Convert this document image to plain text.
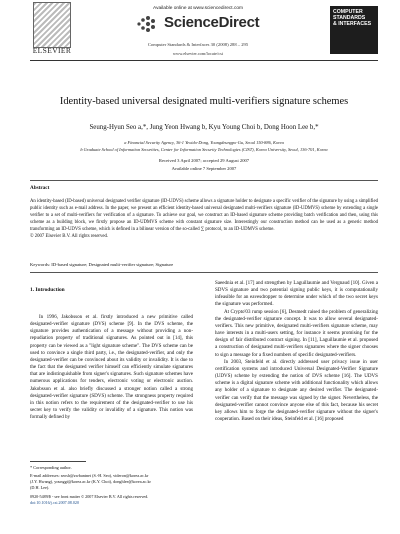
ELSEVIER
Available online at www.sciencedirect.com
ScienceDirect
Computer Standards & Interfaces 30 (2008) 288 – 295
www.elsevier.com/locate/csi
COMPUTER
STANDARDS
& INTERFACES
Identity-based universal designated multi-verifiers signature schemes
Seung-Hyun Seo a,*, Jung Yeon Hwang b, Kyu Young Choi b, Dong Hoon Lee b,*
a Financial Security Agency, 36-1 Yeoido-Dong, Youngdeungpo-Gu, Seoul 150-886, Korea
b Graduate School of Information Securities, Center for Information Security Technologies (CIST), Korea University, Seoul, 136-701, Korea
Received 3 April 2007; accepted 29 August 2007
Available online 7 September 2007
Abstract
An identity-based (ID-based) universal designated verifier signature (ID-UDVS) scheme allows a signature holder to designate a specific verifier of the signature by using a simplified public identity such as e-mail address. In the paper, we present an efficient identity-based universal designated multi-verifiers signature (ID-UDMVS) scheme by extending a single verifier to a set of multi-verifiers for verification of a signature. To achieve our goal, we construct an ID-based signature scheme providing batch verification and then, using this scheme as a building block, we firstly propose an ID-UDMVS scheme with constant signature size. Interestingly our construction method can be used as a generic method transforming an ID-UDVS scheme, which is defined in a bilinear version of the so-called ∑ protocol, to an ID-UDMVS scheme.
© 2007 Elsevier B.V. All rights reserved.
Keywords: ID-based signature; Designated multi-verifier signature; Signature
1. Introduction

In 1996, Jakobsson et al. firstly introduced a new primitive called designated-verifier signature (DVS) scheme [9]. In the DVS scheme, the signature provides authentication of a message without providing a non-repudiation property of traditional signatures. As pointed out in [14], this property can be viewed as a "light signature scheme". The DVS scheme can be used to convince a single third party, i.e., the designated-verifier, and only the designated-verifier can be convinced about its validity or invalidity. It is due to the fact that the designated verifier himself can efficiently simulate signatures that are indistinguishable from signer's signatures. Such signature schemes have numerous applications for tenders, electronic voting or electronic auction. Jakobsson et al. also briefly discussed a stronger notion called a strong designated-verifier signature (SDVS) scheme. The strongness property required in this notion refers to the requirement of the designated-verifier to use his secret key to verify the validity or invalidity of a signature. This notion was formally defined by

Saeednia et al. [17] and strengthen by Laguillaumie and Vergnaud [10]. Given a SDVS signature and two potential signing public keys, it is computationally infeasible for an eavesdropper to determine under which of the two secret keys the signature was performed.

At Crypto'03 rump session [6], Desmedt raised the problem of generalizing the designated-verifier signature concept. It was to allow several designated-verifiers. This new primitive, designated multi-verifiers signature scheme, may have interests in a multi-users setting, for instance it seems promising for the design of fair distributed contract signing. In [11], Laguillaumie et al. proposed a construction of designated multi-verifiers signatures where the signer chooses to sign a message for a fixed numbers of specific designated-verifiers.

In 2003, Steinfeld et al. directly addressed user privacy issue in user certification systems and introduced Universal Designated-Verifier Signature (UDVS) scheme by extending the notion of DVS scheme [16]. The UDVS scheme is a digital signature scheme with additional functionality which allows any holder of a signature to designate any desired verifier. The designated-verifier can verify that the message was signed by the signer. Nevertheless, the designated-verifier cannot convince anyone else of this fact, because his secret key allows him to forge the designated-verifier signature without the signer's cooperation. Based on their ideas, Steinfeld et al. [16] proposed

* Corresponding author.
E-mail addresses: seosh@zwbantnet (S.-H. Seo), videron@korea.ac.kr
(J.Y. Hwang), younggi@korea.ac.kr (K.Y. Choi), donghlee@korea.ac.kr
(D.H. Lee).
0920-5489/$ - see front matter © 2007 Elsevier B.V. All rights reserved.
doi:10.1016/j.csi.2007.08.020
